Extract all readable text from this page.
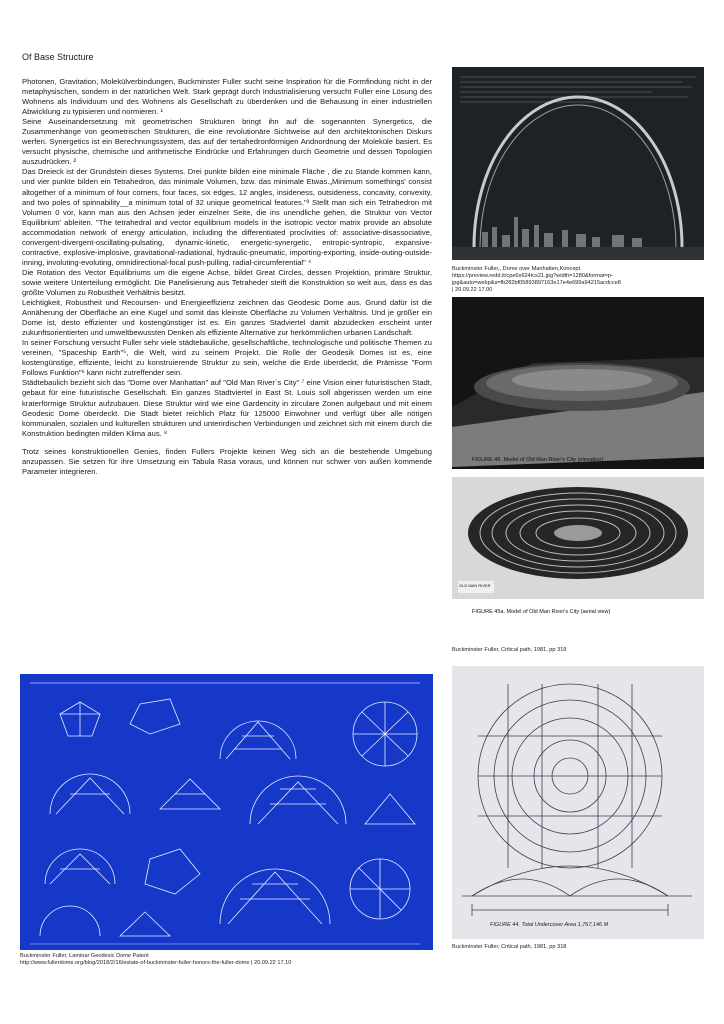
Of Base Structure

Photonen, Gravitation, Molekülverbindungen, Buckminster Fuller sucht seine Inspiration für die Formfindung nicht in der metaphysischen, sondern in der natürlichen Welt. Stark geprägt durch Industrialisierung versucht Fuller eine Lösung des Wohnens als Individuum und des Wohnens als Gesellschaft zu überdenken und die Behausung in einer industriellen Abwicklung zu typisieren und normieren. ¹

Seine Auseinandersetzung mit geometrischen Strukturen bringt ihn auf die sogenannten Synergetics, die Zusammenhänge von geometrischen Strukturen, die eine revolutionäre Sichtweise auf den architektonischen Diskurs werfen. Synergetics ist ein Berechnungssystem, das auf der tertahedronförmigen Andnordnung der Moleküle basiert. Es versucht physische, chemische und arithmetische Eindrücke und Erfahrungen durch Geometrie und dessen Topologien auszudrücken. ²

Das Dreieck ist der Grundstein dieses Systems. Drei punkte bilden eine minimale Fläche , die zu Stande kommen kann, und vier punkte bilden ein Tetrahedron, das minimale Volumen, bzw. das minimale Etwas.„Minimum somethings' consist altogether of a minimum of four corners, four faces, six edges, 12 angles, insideness, outsideness, concavity, convexity, and two poles of spinnability__a minimum total of 32 unique geometrical features."³ Stellt man sich ein Tetrahedron mit Volumen 0 vor, kann man aus den Achsen jeder einzelner Seite, die ins unendliche gehen, die Struktur von Vector Equilibrium' ableiten. "The tetrahedral and vector equilibrium models in the isotropic vector matrix provide an absolute accommodation network of energy articulation, including the differentiated proclivities of: associative-disassociative, convergent-divergent-oscillating-pulsating, dynamic-kinetic, energetic-synergetic, entropic-syntropic, expansive-contractive, explosive-implosive, gravitational-radiational, hydraulic-pneumatic, importing-exporting, inside-outing-outside-inning, involuting-evoluting, omnidirectional-focal push-pulling, radial-circumferential" ⁴

Die Rotation des Vector Equilibriums um die eigene Achse, bildet Great Circles, dessen Projektion, primäre Struktur, sowie weitere Unterteilung ermöglicht. Die Panelisierung aus Tetraheder steift die Konstruktion so weit aus, dass es das größte Volumen zu Robustheit Verhältnis besitzt.

Leichtigkeit, Robustheit und Recoursen- und Energieeffizienz zeichnen das Geodesic Dome aus. Grund dafür ist die Annäherung der Oberfläche an eine Kugel und somit das kleinste Oberfläche zu Volumen Verhältnis. Und je größer ein Dome ist, desto effizienter und kostengünstiger ist es. Ein ganzes Stadviertel damit abzudecken erscheint unter zukunftsorientierten und umweltbewussten Denken als effiziente Alternative zur herkömmlichen urbanen Landschaft.

In seiner Forschung versucht Fuller sehr viele städtebauliche, gesellschaftliche, technologische und politische Themen zu vereinen, "Spaceship Earth"⁵, die Welt, wird zu seinem Projekt. Die Rolle der Geodesik Domes ist es, eine kostengünstige, effiziente, leicht zu konstruierende Struktur zu sein, welche die Erde überdeckt, die Prämisse "Form Follows Funktion"⁶ kann nicht zutreffender sein.

Städtebaulich bezieht sich das "Dome over Manhattan" auf "Old Man River´s City" ⁷ eine Vision einer futuristischen Stadt, gebaut für eine futuristische Gesellschaft. Ein ganzes Stadtviertel in East St. Louis soll abgerissen werden um eine kraterförmige Struktur aufzubauen. Diese Struktur wird wie eine Gardencity in zirculare Zonen aufgebaut und mit einem Geodesic Dome überdeckt. Die Stadt bietet reichlich Platz für 125000 Einwohner und verfügt über alle nötigen kommunalen, sozialen und kulturellen strukturen und unterirdischen Verbindungen und zeichnet sich mit einem durch die Konstruktion bedingten milden Klima aus. ⁸

Trotz seines konstruktionellen Genies, finden Fullers Projekte keinen Weg sich an die bestehende Umgebung anzupassen. Sie setzen für ihre Umsetzung ein Tabula Rasa voraus, und können nur schwer von außen kommende Parameter integrieren.

Buckminster Fuller,, Dome over Manhatten,Koncept.
https://preview.redd.it/cpe6x624tcs21.jpg?width=1280&format=p-
jpg&auto=webp&s=fb282bf05893897163e17e4e699a94215acdcce8
| 20.09.22 17.00
FIGURE 45. Model of Old Man River's City (elevation)
OLD MAN RIVER
FIGURE 45a. Model of Old Man River's City (aerial view)
Buckminster Fuller, Critical path, 1981, pp 319
Buckminster Fuller, Laminar Geodesic Dome Patent
http://www.fullerdome.org/blog/2018/2/16/estate-of-buckminster-fuller-honors-the-fuller-dome | 20.09.22 17.10
FIGURE 44. Total Undercover Area 1,767,146 M
Buckminster Fuller, Critical path, 1981, pp 318
